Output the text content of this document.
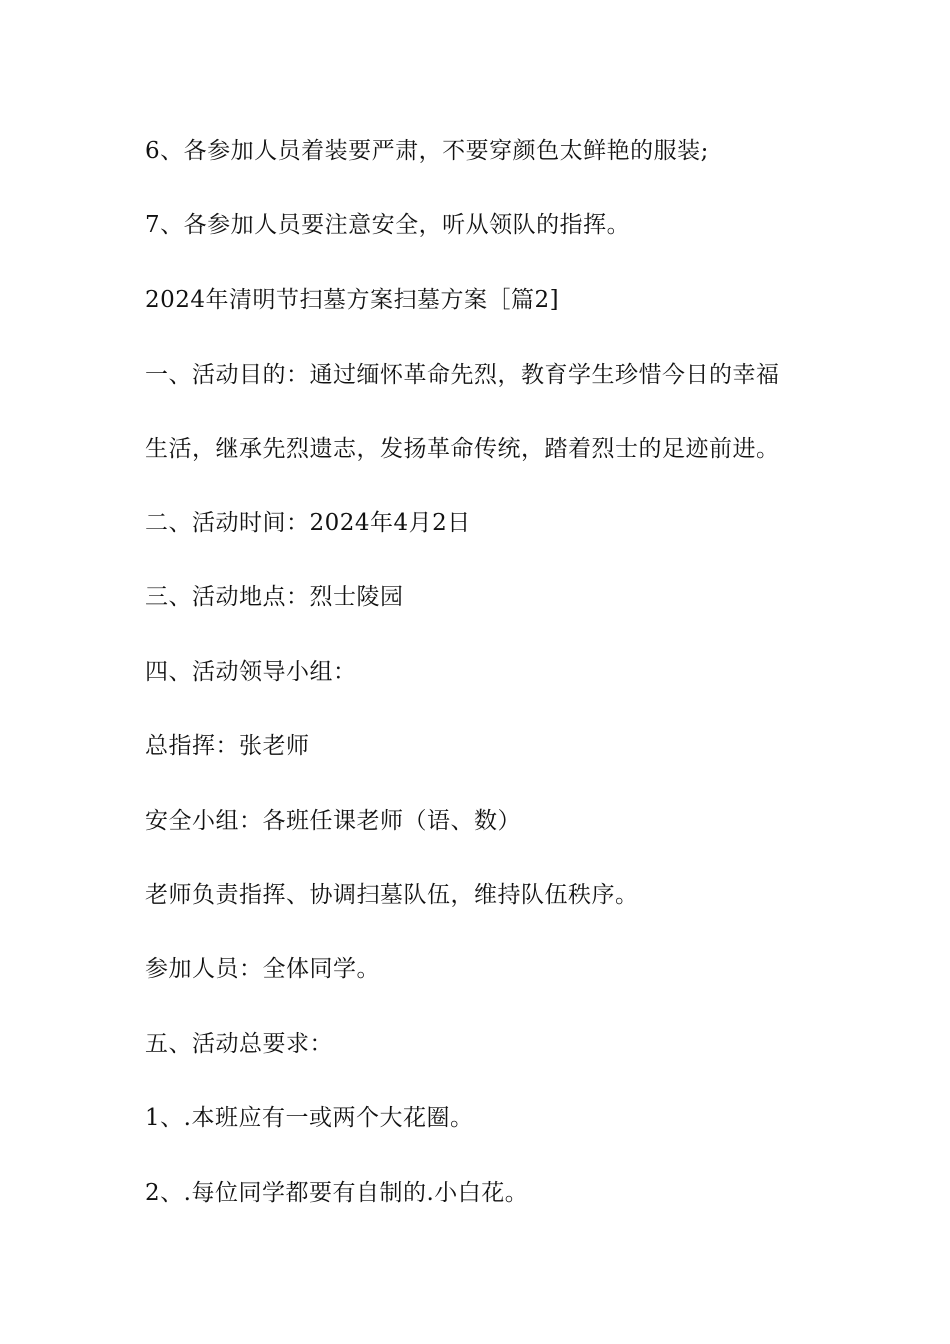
6、各参加人员着装要严肃，不要穿颜色太鲜艳的服装;
7、各参加人员要注意安全，听从领队的指挥。
2024年清明节扫墓方案扫墓方案［篇2]
一、活动目的：通过缅怀革命先烈，教育学生珍惜今日的幸福
生活，继承先烈遗志，发扬革命传统，踏着烈士的足迹前进。
二、活动时间：2024年4月2日
三、活动地点：烈士陵园
四、活动领导小组：
总指挥：张老师
安全小组：各班任课老师（语、数）
老师负责指挥、协调扫墓队伍，维持队伍秩序。
参加人员：全体同学。
五、活动总要求：
1、.本班应有一或两个大花圈。
2、.每位同学都要有自制的.小白花。
